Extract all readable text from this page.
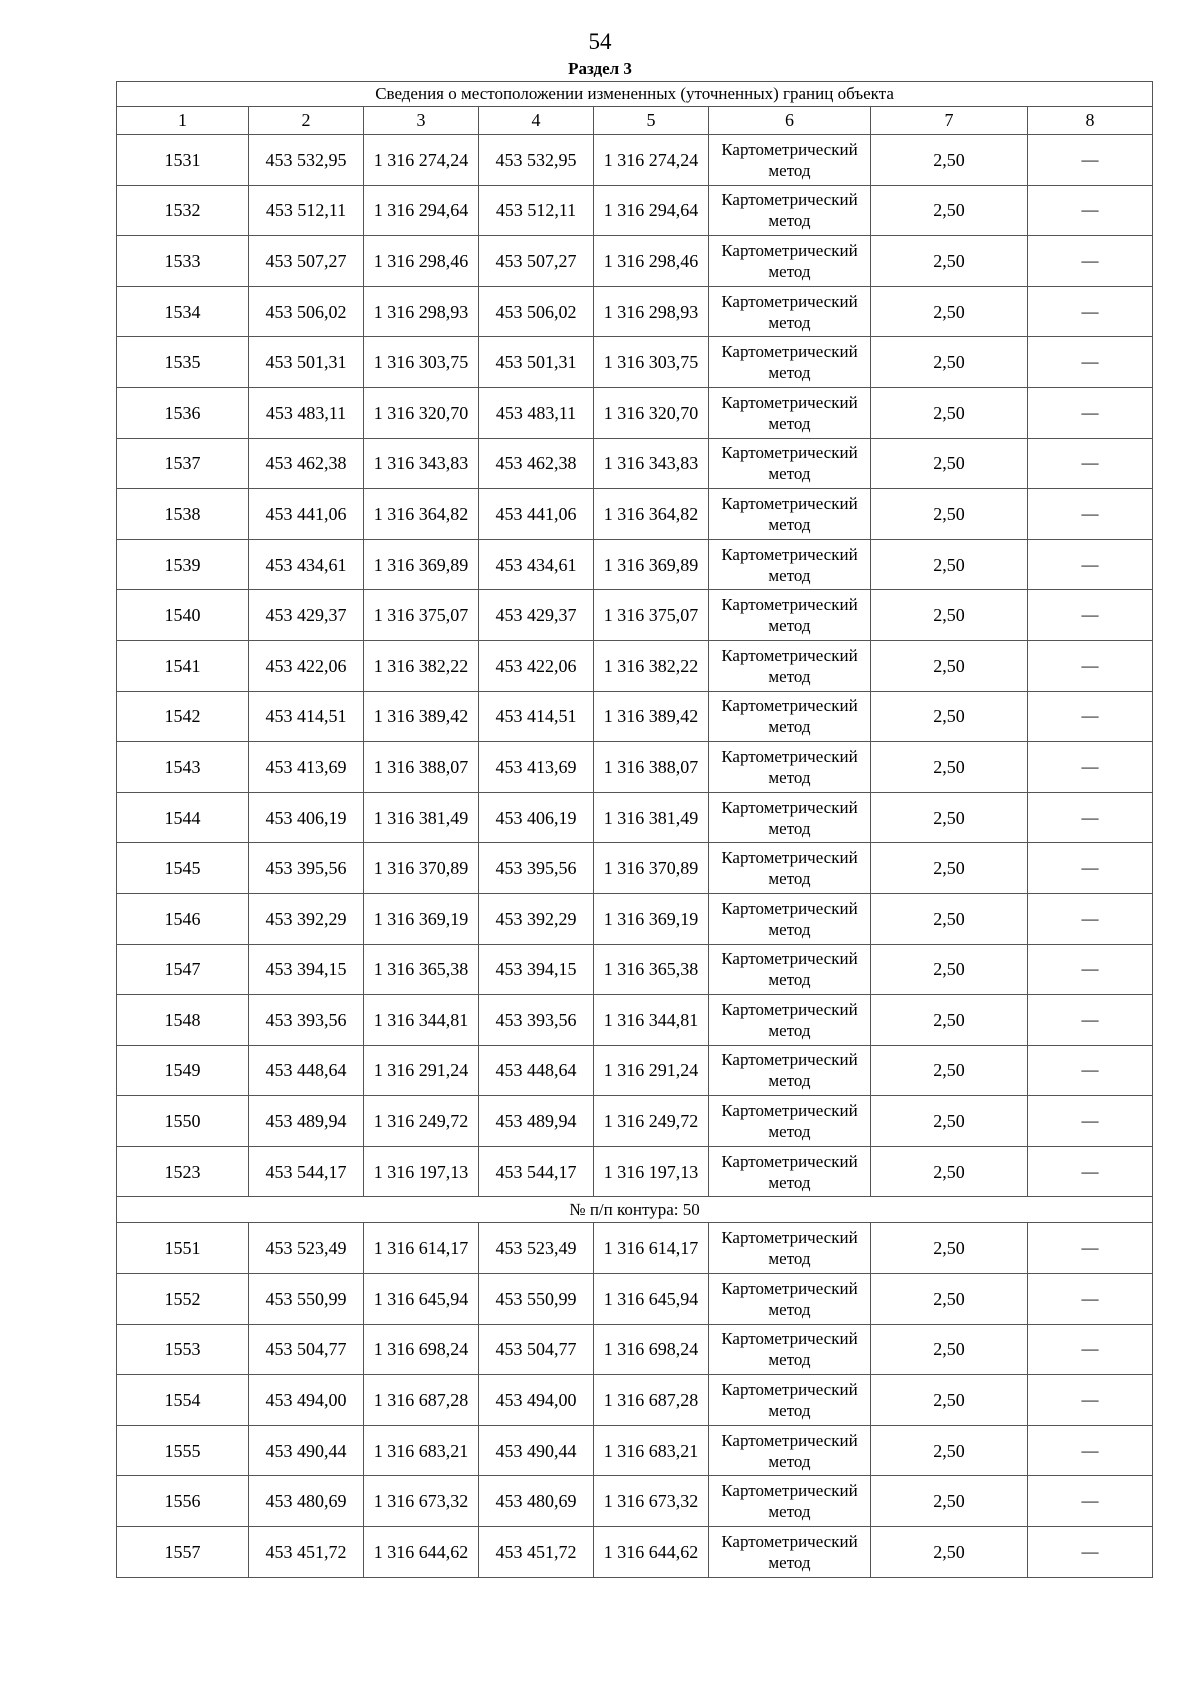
54
Раздел 3
Сведения о местоположении измененных (уточненных) границ объекта							
1	2	3	4	5	6	7	8
1531	453 532,95	1 316 274,24	453 532,95	1 316 274,24	Картометрический метод	2,50	—
1532	453 512,11	1 316 294,64	453 512,11	1 316 294,64	Картометрический метод	2,50	—
1533	453 507,27	1 316 298,46	453 507,27	1 316 298,46	Картометрический метод	2,50	—
1534	453 506,02	1 316 298,93	453 506,02	1 316 298,93	Картометрический метод	2,50	—
1535	453 501,31	1 316 303,75	453 501,31	1 316 303,75	Картометрический метод	2,50	—
1536	453 483,11	1 316 320,70	453 483,11	1 316 320,70	Картометрический метод	2,50	—
1537	453 462,38	1 316 343,83	453 462,38	1 316 343,83	Картометрический метод	2,50	—
1538	453 441,06	1 316 364,82	453 441,06	1 316 364,82	Картометрический метод	2,50	—
1539	453 434,61	1 316 369,89	453 434,61	1 316 369,89	Картометрический метод	2,50	—
1540	453 429,37	1 316 375,07	453 429,37	1 316 375,07	Картометрический метод	2,50	—
1541	453 422,06	1 316 382,22	453 422,06	1 316 382,22	Картометрический метод	2,50	—
1542	453 414,51	1 316 389,42	453 414,51	1 316 389,42	Картометрический метод	2,50	—
1543	453 413,69	1 316 388,07	453 413,69	1 316 388,07	Картометрический метод	2,50	—
1544	453 406,19	1 316 381,49	453 406,19	1 316 381,49	Картометрический метод	2,50	—
1545	453 395,56	1 316 370,89	453 395,56	1 316 370,89	Картометрический метод	2,50	—
1546	453 392,29	1 316 369,19	453 392,29	1 316 369,19	Картометрический метод	2,50	—
1547	453 394,15	1 316 365,38	453 394,15	1 316 365,38	Картометрический метод	2,50	—
1548	453 393,56	1 316 344,81	453 393,56	1 316 344,81	Картометрический метод	2,50	—
1549	453 448,64	1 316 291,24	453 448,64	1 316 291,24	Картометрический метод	2,50	—
1550	453 489,94	1 316 249,72	453 489,94	1 316 249,72	Картометрический метод	2,50	—
1523	453 544,17	1 316 197,13	453 544,17	1 316 197,13	Картометрический метод	2,50	—
№ п/п контура: 50							
1551	453 523,49	1 316 614,17	453 523,49	1 316 614,17	Картометрический метод	2,50	—
1552	453 550,99	1 316 645,94	453 550,99	1 316 645,94	Картометрический метод	2,50	—
1553	453 504,77	1 316 698,24	453 504,77	1 316 698,24	Картометрический метод	2,50	—
1554	453 494,00	1 316 687,28	453 494,00	1 316 687,28	Картометрический метод	2,50	—
1555	453 490,44	1 316 683,21	453 490,44	1 316 683,21	Картометрический метод	2,50	—
1556	453 480,69	1 316 673,32	453 480,69	1 316 673,32	Картометрический метод	2,50	—
1557	453 451,72	1 316 644,62	453 451,72	1 316 644,62	Картометрический метод	2,50	—
